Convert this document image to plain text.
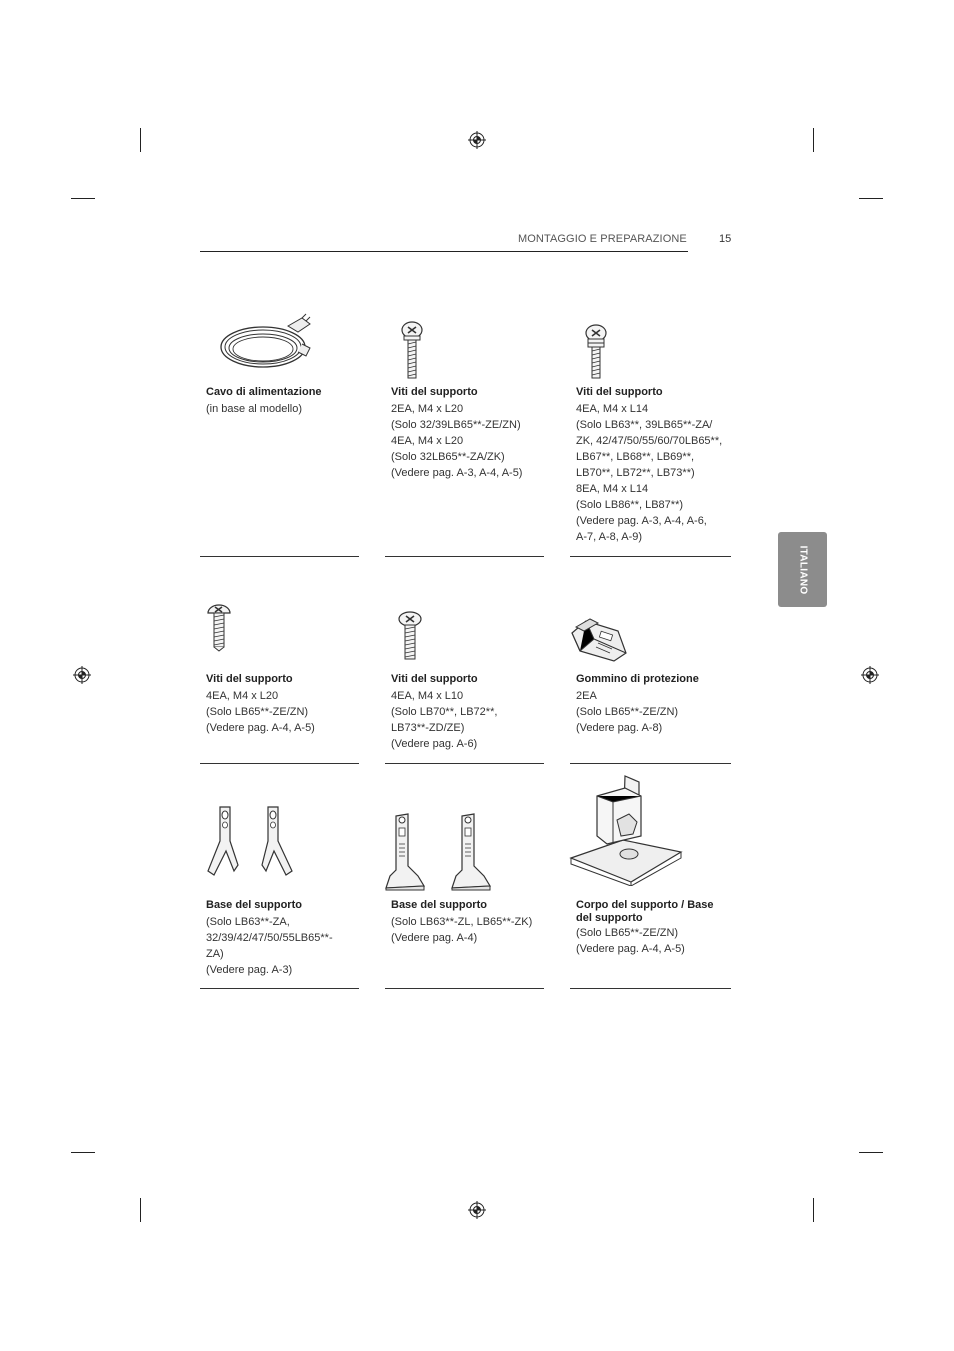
MONTAGGIO E PREPARAZIONE	15
ITALIANO
Cavo di alimentazione
(in base al modello)
Viti del supporto
2EA, M4 x L20
(Solo 32/39LB65**-ZE/ZN)
4EA, M4 x L20
(Solo 32LB65**-ZA/ZK)
(Vedere pag. A-3, A-4, A-5)
Viti del supporto
4EA, M4 x L14
(Solo LB63**, 39LB65**-ZA/
ZK, 42/47/50/55/60/70LB65**,
LB67**, LB68**, LB69**,
LB70**, LB72**, LB73**)
8EA, M4 x L14
(Solo LB86**, LB87**)
(Vedere pag. A-3, A-4, A-6,
A-7, A-8, A-9)
Viti del supporto
4EA, M4 x L20
(Solo LB65**-ZE/ZN)
(Vedere pag. A-4, A-5)
Viti del supporto
4EA, M4 x L10
(Solo LB70**, LB72**,
LB73**-ZD/ZE)
(Vedere pag. A-6)
Gommino di protezione
2EA
(Solo LB65**-ZE/ZN)
(Vedere pag. A-8)
Base del supporto
(Solo LB63**-ZA,
32/39/42/47/50/55LB65**-
ZA)
(Vedere pag. A-3)
Base del supporto
(Solo LB63**-ZL, LB65**-ZK)
(Vedere pag. A-4)
Corpo del supporto / Base del supporto
(Solo LB65**-ZE/ZN)
(Vedere pag. A-4, A-5)
